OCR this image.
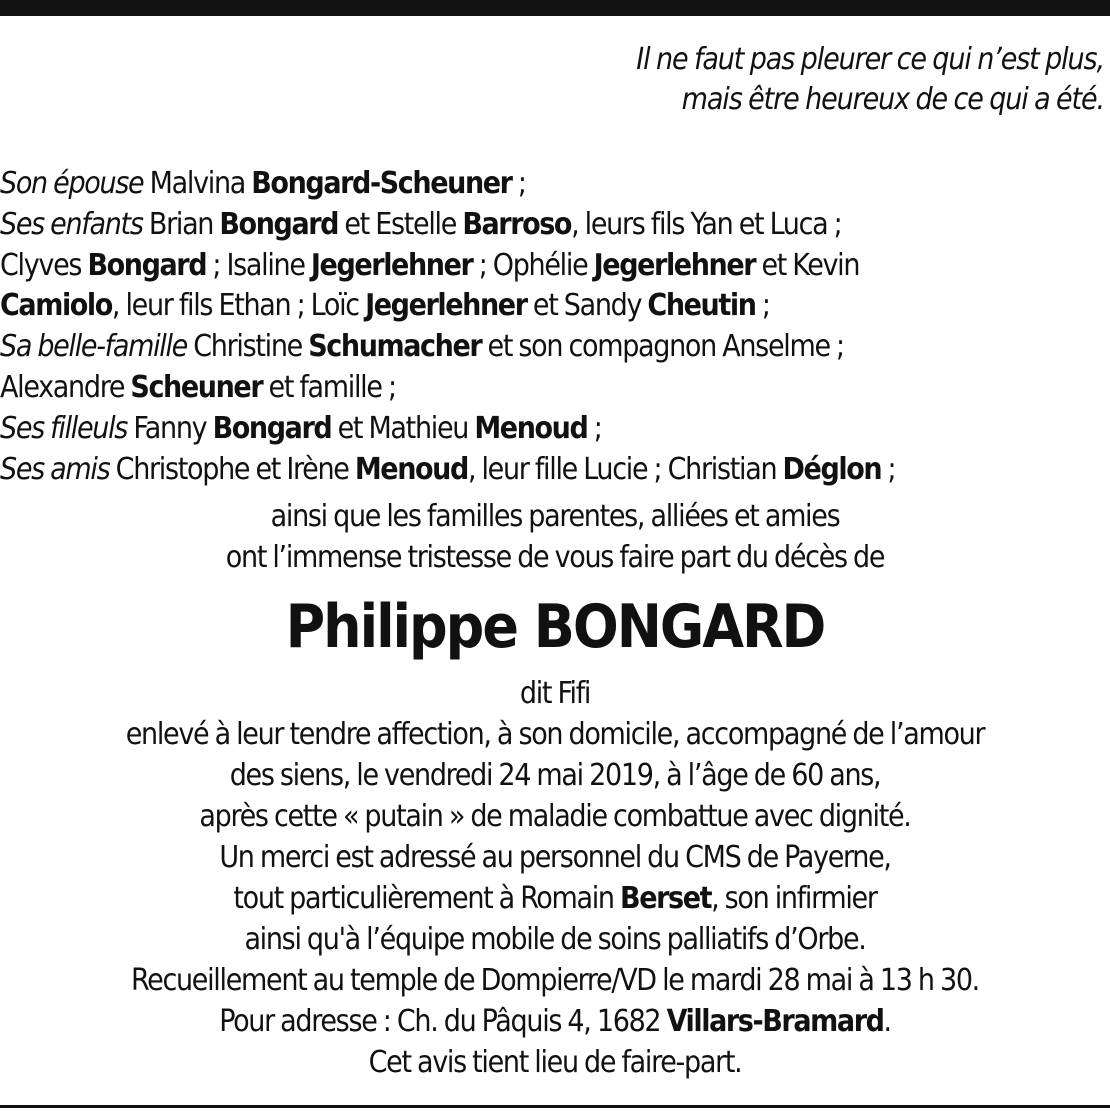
Il ne faut pas pleurer ce qui n’est plus,
mais être heureux de ce qui a été.
Son épouse Malvina Bongard-Scheuner ;
Ses enfants Brian Bongard et Estelle Barroso, leurs fils Yan et Luca ;
Clyves Bongard ; Isaline Jegerlehner ; Ophélie Jegerlehner et Kevin
Camiolo, leur fils Ethan ; Loïc Jegerlehner et Sandy Cheutin ;
Sa belle-famille Christine Schumacher et son compagnon Anselme ;
Alexandre Scheuner et famille ;
Ses filleuls Fanny Bongard et Mathieu Menoud ;
Ses amis Christophe et Irène Menoud, leur fille Lucie ; Christian Déglon ;
ainsi que les familles parentes, alliées et amies
ont l’immense tristesse de vous faire part du décès de
Philippe BONGARD
dit Fifi
enlevé à leur tendre affection, à son domicile, accompagné de l’amour
des siens, le vendredi 24 mai 2019, à l’âge de 60 ans,
après cette « putain » de maladie combattue avec dignité.
Un merci est adressé au personnel du CMS de Payerne,
tout particulièrement à Romain Berset, son infirmier
ainsi qu'à l’équipe mobile de soins palliatifs d’Orbe.
Recueillement au temple de Dompierre/VD le mardi 28 mai à 13 h 30.
Pour adresse : Ch. du Pâquis 4, 1682 Villars-Bramard.
Cet avis tient lieu de faire-part.
